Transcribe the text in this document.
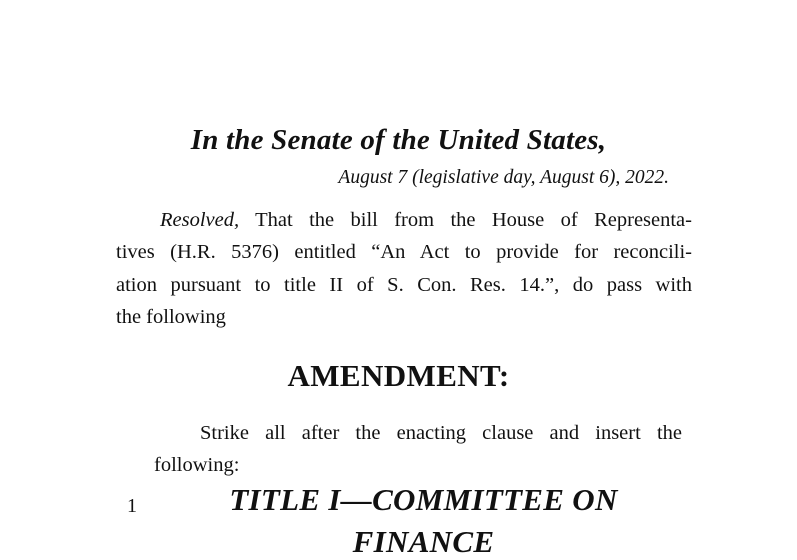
In the Senate of the United States,

August 7 (legislative day, August 6), 2022.

Resolved, That the bill from the House of Representa-
tives (H.R. 5376) entitled “An Act to provide for reconcili-
ation pursuant to title II of S. Con. Res. 14.”, do pass with
the following
AMENDMENT:
Strike all after the enacting clause and insert the
following:
1	TITLE I—COMMITTEE ON
FINANCE
